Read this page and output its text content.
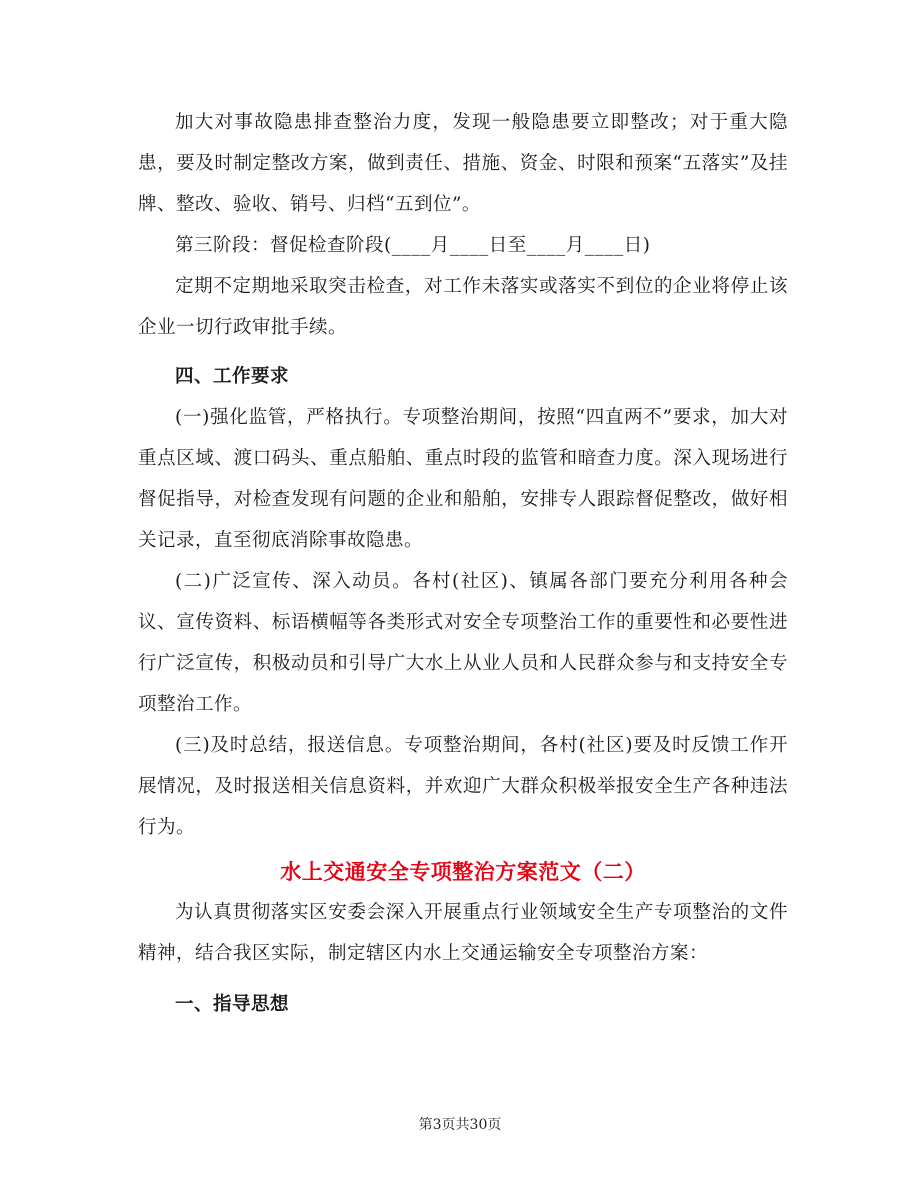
加大对事故隐患排查整治力度，发现一般隐患要立即整改；对于重大隐患，要及时制定整改方案，做到责任、措施、资金、时限和预案“五落实”及挂牌、整改、验收、销号、归档“五到位”。

第三阶段：督促检查阶段(____月____日至____月____日)

定期不定期地采取突击检查，对工作未落实或落实不到位的企业将停止该企业一切行政审批手续。

四、工作要求

(一)强化监管，严格执行。专项整治期间，按照“四直两不”要求，加大对重点区域、渡口码头、重点船舶、重点时段的监管和暗查力度。深入现场进行督促指导，对检查发现有问题的企业和船舶，安排专人跟踪督促整改，做好相关记录，直至彻底消除事故隐患。

(二)广泛宣传、深入动员。各村(社区)、镇属各部门要充分利用各种会议、宣传资料、标语横幅等各类形式对安全专项整治工作的重要性和必要性进行广泛宣传，积极动员和引导广大水上从业人员和人民群众参与和支持安全专项整治工作。

(三)及时总结，报送信息。专项整治期间，各村(社区)要及时反馈工作开展情况，及时报送相关信息资料，并欢迎广大群众积极举报安全生产各种违法行为。

水上交通安全专项整治方案范文（二）

为认真贯彻落实区安委会深入开展重点行业领域安全生产专项整治的文件精神，结合我区实际，制定辖区内水上交通运输安全专项整治方案：

一、指导思想

第3页共30页
